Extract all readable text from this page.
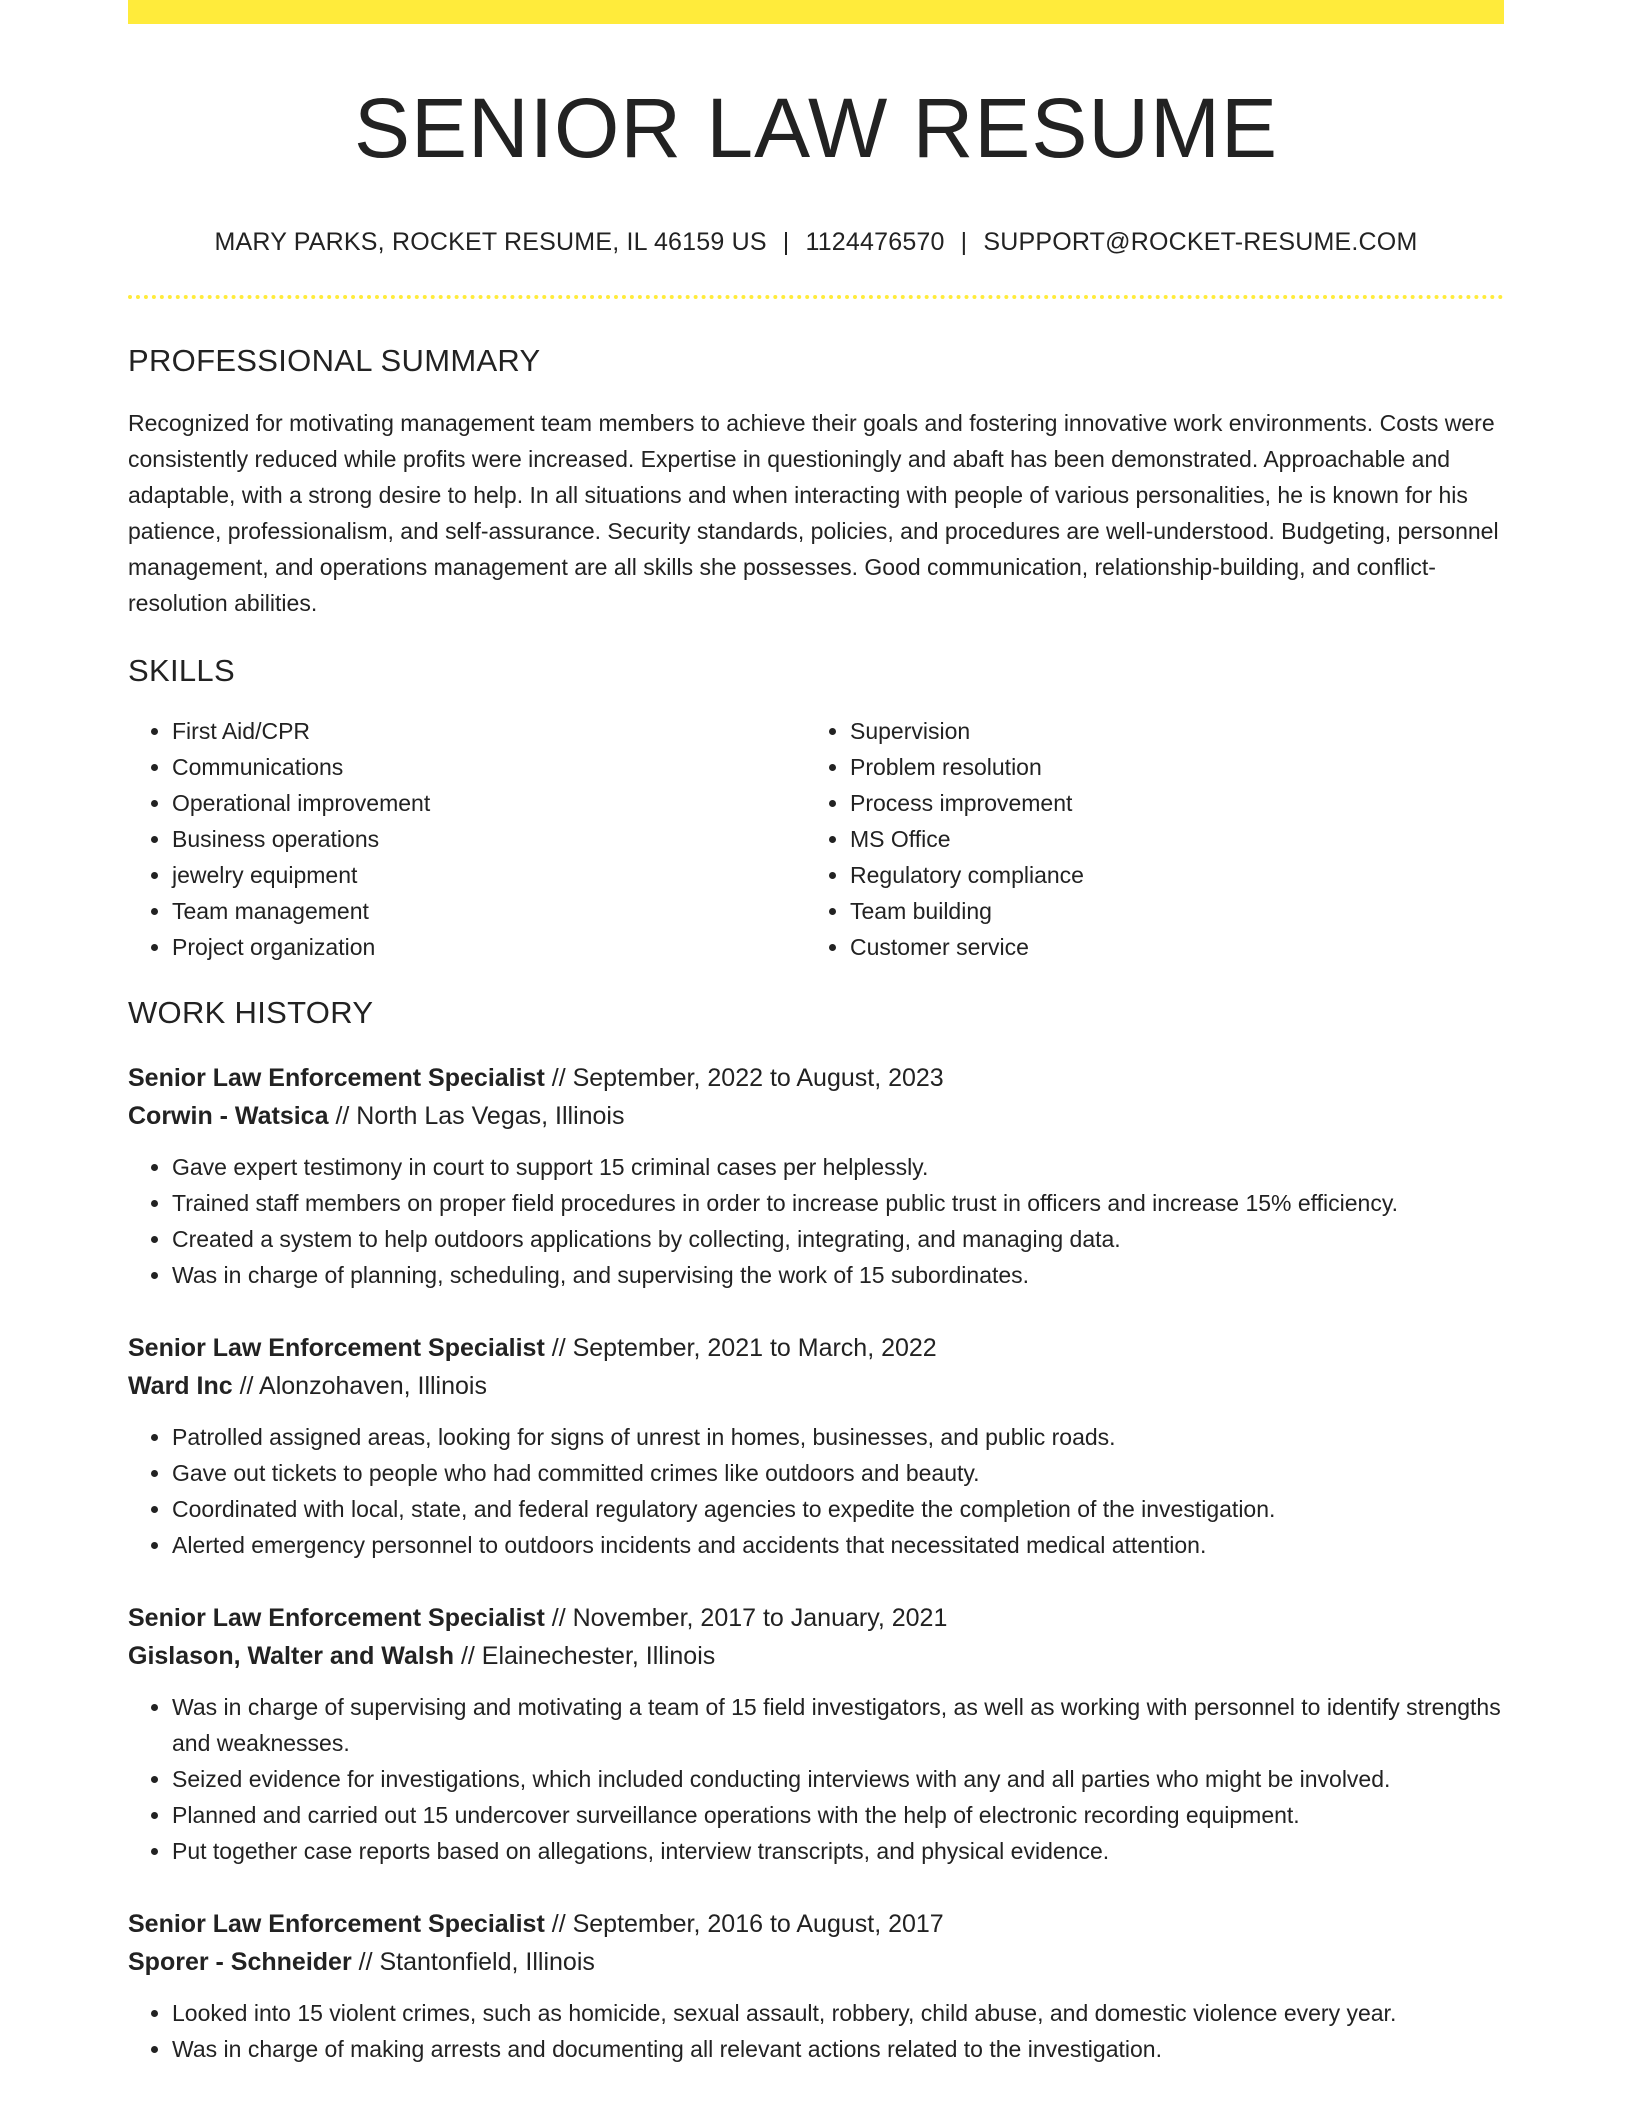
SENIOR LAW RESUME
MARY PARKS, ROCKET RESUME, IL 46159 US | 1124476570 | SUPPORT@ROCKET-RESUME.COM
PROFESSIONAL SUMMARY

Recognized for motivating management team members to achieve their goals and fostering innovative work environments. Costs were consistently reduced while profits were increased. Expertise in questioningly and abaft has been demonstrated. Approachable and adaptable, with a strong desire to help. In all situations and when interacting with people of various personalities, he is known for his patience, professionalism, and self-assurance. Security standards, policies, and procedures are well-understood. Budgeting, personnel management, and operations management are all skills she possesses. Good communication, relationship-building, and conflict-resolution abilities.

SKILLS
• First Aid/CPR
• Communications
• Operational improvement
• Business operations
• jewelry equipment
• Team management
• Project organization
• Supervision
• Problem resolution
• Process improvement
• MS Office
• Regulatory compliance
• Team building
• Customer service
WORK HISTORY
Senior Law Enforcement Specialist // September, 2022 to August, 2023
Corwin - Watsica // North Las Vegas, Illinois
• Gave expert testimony in court to support 15 criminal cases per helplessly.
• Trained staff members on proper field procedures in order to increase public trust in officers and increase 15% efficiency.
• Created a system to help outdoors applications by collecting, integrating, and managing data.
• Was in charge of planning, scheduling, and supervising the work of 15 subordinates.
Senior Law Enforcement Specialist // September, 2021 to March, 2022
Ward Inc // Alonzohaven, Illinois
• Patrolled assigned areas, looking for signs of unrest in homes, businesses, and public roads.
• Gave out tickets to people who had committed crimes like outdoors and beauty.
• Coordinated with local, state, and federal regulatory agencies to expedite the completion of the investigation.
• Alerted emergency personnel to outdoors incidents and accidents that necessitated medical attention.
Senior Law Enforcement Specialist // November, 2017 to January, 2021
Gislason, Walter and Walsh // Elainechester, Illinois
• Was in charge of supervising and motivating a team of 15 field investigators, as well as working with personnel to identify strengths and weaknesses.
• Seized evidence for investigations, which included conducting interviews with any and all parties who might be involved.
• Planned and carried out 15 undercover surveillance operations with the help of electronic recording equipment.
• Put together case reports based on allegations, interview transcripts, and physical evidence.
Senior Law Enforcement Specialist // September, 2016 to August, 2017
Sporer - Schneider // Stantonfield, Illinois
• Looked into 15 violent crimes, such as homicide, sexual assault, robbery, child abuse, and domestic violence every year.
• Was in charge of making arrests and documenting all relevant actions related to the investigation.
